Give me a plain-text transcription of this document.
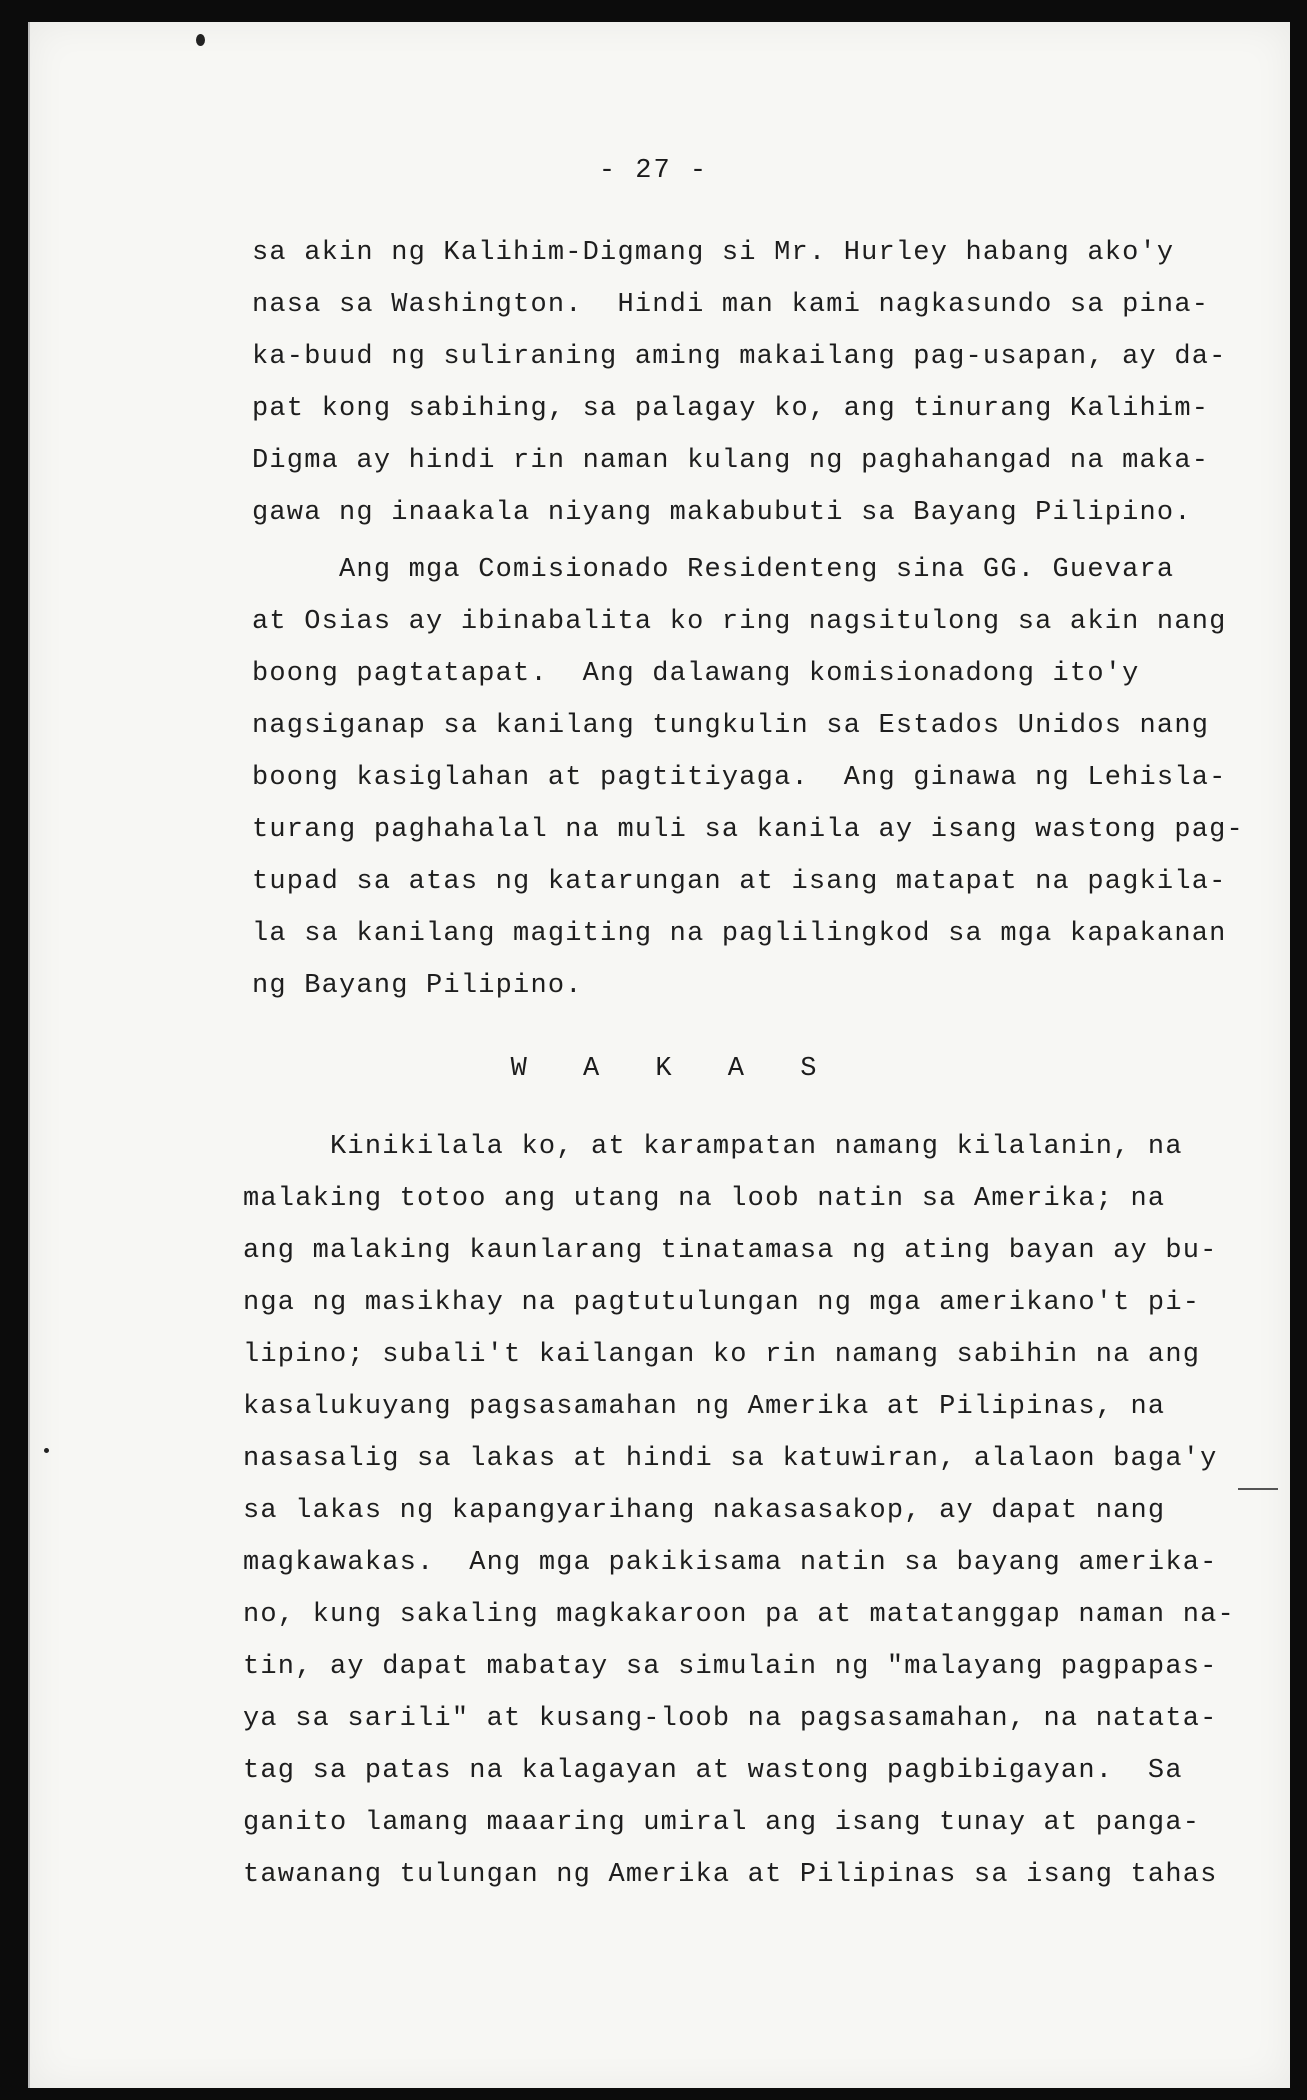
- 27 -
sa akin ng Kalihim-Digmang si Mr. Hurley habang ako'y
nasa sa Washington.  Hindi man kami nagkasundo sa pina-
ka-buud ng suliraning aming makailang pag-usapan, ay da-
pat kong sabihing, sa palagay ko, ang tinurang Kalihim-
Digma ay hindi rin naman kulang ng paghahangad na maka-
gawa ng inaakala niyang makabubuti sa Bayang Pilipino.
Ang mga Comisionado Residenteng sina GG. Guevara
at Osias ay ibinabalita ko ring nagsitulong sa akin nang
boong pagtatapat.  Ang dalawang komisionadong ito'y
nagsiganap sa kanilang tungkulin sa Estados Unidos nang
boong kasiglahan at pagtitiyaga.  Ang ginawa ng Lehisla-
turang paghahalal na muli sa kanila ay isang wastong pag-
tupad sa atas ng katarungan at isang matapat na pagkila-
la sa kanilang magiting na paglilingkod sa mga kapakanan
ng Bayang Pilipino.
W A K A S
Kinikilala ko, at karampatan namang kilalanin, na
malaking totoo ang utang na loob natin sa Amerika; na
ang malaking kaunlarang tinatamasa ng ating bayan ay bu-
nga ng masikhay na pagtutulungan ng mga amerikano't pi-
lipino; subali't kailangan ko rin namang sabihin na ang
kasalukuyang pagsasamahan ng Amerika at Pilipinas, na
nasasalig sa lakas at hindi sa katuwiran, alalaon baga'y
sa lakas ng kapangyarihang nakasasakop, ay dapat nang
magkawakas.  Ang mga pakikisama natin sa bayang amerika-
no, kung sakaling magkakaroon pa at matatanggap naman na-
tin, ay dapat mabatay sa simulain ng "malayang pagpapas-
ya sa sarili" at kusang-loob na pagsasamahan, na natata-
tag sa patas na kalagayan at wastong pagbibigayan.  Sa
ganito lamang maaaring umiral ang isang tunay at panga-
tawanang tulungan ng Amerika at Pilipinas sa isang tahas
